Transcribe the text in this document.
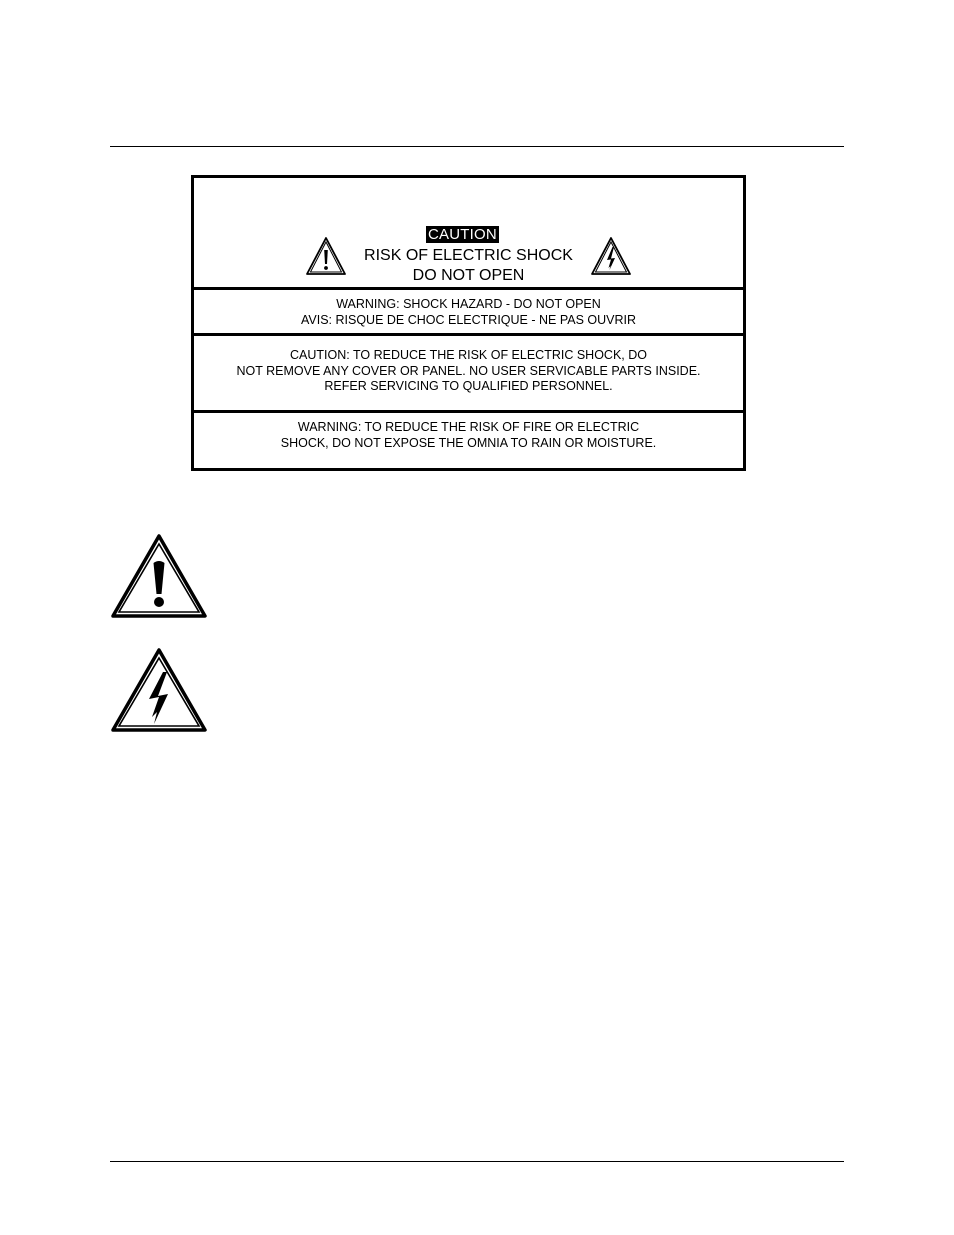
CAUTION
RISK OF ELECTRIC SHOCK
DO NOT OPEN
WARNING: SHOCK HAZARD - DO NOT OPEN
AVIS: RISQUE DE CHOC ELECTRIQUE - NE PAS OUVRIR
CAUTION: TO REDUCE THE RISK OF ELECTRIC SHOCK, DO
NOT REMOVE ANY COVER OR PANEL. NO USER SERVICABLE PARTS INSIDE.
REFER SERVICING TO QUALIFIED PERSONNEL.
WARNING: TO REDUCE THE RISK OF FIRE OR ELECTRIC
SHOCK, DO NOT EXPOSE THE OMNIA TO RAIN OR MOISTURE.
